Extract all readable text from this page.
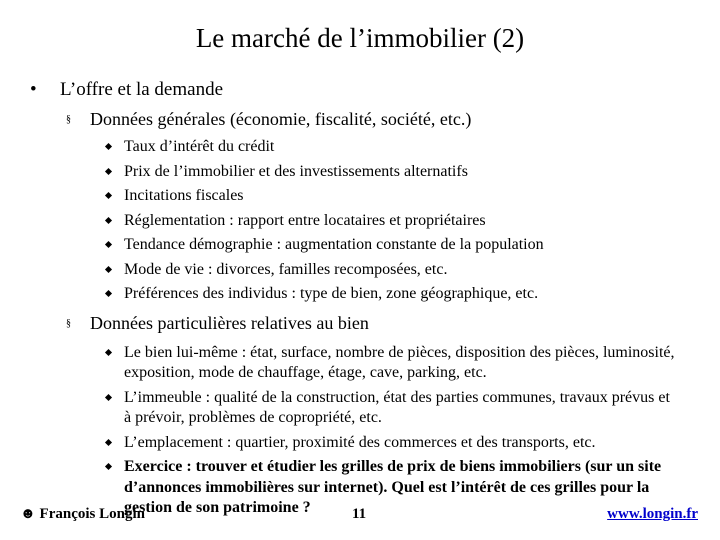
Le marché de l’immobilier (2)
• L’offre et la demande
§ Données générales (économie, fiscalité, société, etc.)
Taux d’intérêt du crédit
Prix de l’immobilier et des investissements alternatifs
Incitations fiscales
Réglementation : rapport entre locataires et propriétaires
Tendance démographie : augmentation constante de la population
Mode de vie : divorces, familles recomposées, etc.
Préférences des individus : type de bien, zone géographique, etc.
§ Données particulières relatives au bien
Le bien lui-même : état, surface, nombre de pièces, disposition des pièces, luminosité, exposition, mode de chauffage, étage, cave, parking, etc.
L’immeuble : qualité de la construction, état des parties communes, travaux prévus et à prévoir, problèmes de copropriété, etc.
L’emplacement : quartier, proximité des commerces et des transports, etc.
Exercice : trouver et étudier les grilles de prix de biens immobiliers (sur un site d’annonces immobilières sur internet). Quel est l’intérêt de ces grilles pour la gestion de son patrimoine ?
☻ François Longin	11	www.longin.fr
